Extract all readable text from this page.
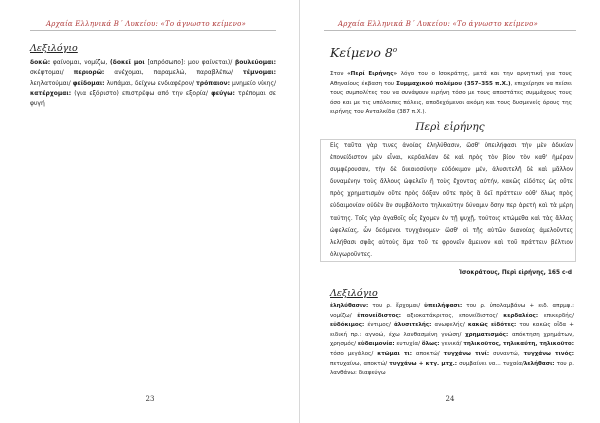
Αρχαία Ελληνικά Β΄ Λυκείου: «Το άγνωστο κείμενο»
Λεξιλόγιο
δοκῶ: φαίνομαι, νομίζω, (δοκεῖ μοι [απρόσωπο]: μου φαίνεται)/ βουλεύομαι: σκέφτομαι/ περιορῶ: ανέχομαι, παραμελώ, παραβλέπω/ τέμνομαι: λεηλατούμαι/ φείδομαι: λυπάμαι, δείχνω ενδιαφέρον/ τρόπαιον: μνημείο νίκης/ κατέρχομαι: (για εξόριστο) επιστρέφω από την εξορία/ φεύγω: τρέπομαι σε φυγή
23
Αρχαία Ελληνικά Β΄ Λυκείου: «Το άγνωστο κείμενο»
Κείμενο $8^o$
Στον «Περί Ειρήνης» λόγο του ο Ισοκράτης, μετά και την αρνητική για τους Αθηναίους έκβαση του Συμμαχικού πολέμου (357–355 π.Χ.), επιχείρησε να πείσει τους συμπολίτες του να συνάψουν ειρήνη τόσο με τους αποστάτες συμμάχους τους όσο και με τις υπόλοιπες πόλεις, αποδεχόμενοι ακόμη και τους δυσμενείς όρους της ειρήνης του Ανταλκίδα (387 π.Χ.).
Περὶ εἰρήνης
Εἰς ταῦτα γὰρ τινες ἀνοίας ἐληλύθασιν, ὥσθ' ὑπειλήφασι τὴν μὲν ἀδικίαν ἐπονείδιστον μὲν εἶναι, κερδαλέαν δὲ καὶ πρὸς τὸν βίον τὸν καθ' ἡμέραν συμφέρουσαν, τὴν δὲ δικαιοσύνην εὐδόκιμον μέν, ἀλυσιτελῆ δὲ καὶ μᾶλλον δυναμένην τοὺς ἄλλους ὠφελεῖν ἢ τοὺς ἔχοντας αὐτήν, κακῶς εἰδότες ὡς οὔτε πρὸς χρηματισμὸν οὔτε πρὸς δόξαν οὔτε πρὸς ἃ δεῖ πράττειν οὐθ' ὅλως πρὸς εὐδαιμονίαν οὐδὲν ἂν συμβάλοιτο τηλικαύτην δύναμιν ὅσην περ ἀρετὴ καὶ τὰ μέρη ταύτης. Τοῖς γὰρ ἀγαθοῖς οἷς ἔχομεν ἐν τῇ ψυχῇ, τούτοις κτώμεθα καὶ τὰς ἄλλας ὠφελείας, ὧν δεόμενοι τυγχάνομεν· ὥσθ' οἱ τῆς αὑτῶν διανοίας ἀμελοῦντες λελήθασι σφᾶς αὐτοὺς ἅμα τοῦ τε φρονεῖν ἄμεινον καὶ τοῦ πράττειν βέλτιον ὀλιγωροῦντες.
Ἰσοκράτους, Περὶ εἰρήνης, 165 c-d
Λεξιλόγιο
ἐληλύθασιν: του ρ. ἔρχομαι/ ὑπειλήφασι: του ρ. ὑπολαμβάνω + ειδ. απρμφ.: νομίζω/ ἐπονείδιστος: αξιοκατάκριτος, επονείδιστος/ κερδαλέος: επικερδής/ εὐδόκιμος: έντιμος/ ἀλυσιτελής: ανωφελής/ κακῶς εἰδότες: του κακῶς οἶδα + ειδική πρ.: αγνοώ, έχω λανθασμένη γνώση/ χρηματισμός: απόκτηση χρημάτων, χρησμός/ εὐδαιμονία: ευτυχία/ ὅλως: γενικά/ τηλικοῦτος, τηλικαύτη, τηλικοῦτο: τόσο μεγάλος/ κτῶμαι τι: αποκτώ/ τυγχάνω τινί: συναντώ, τυγχάνω τινός: πετυχαίνω, αποκτώ/ τυγχάνω + κτγ. μτχ.: συμβαίνει να... τυχαία/λελήθασι: του ρ. λανθάνω: διαφεύγω
24
